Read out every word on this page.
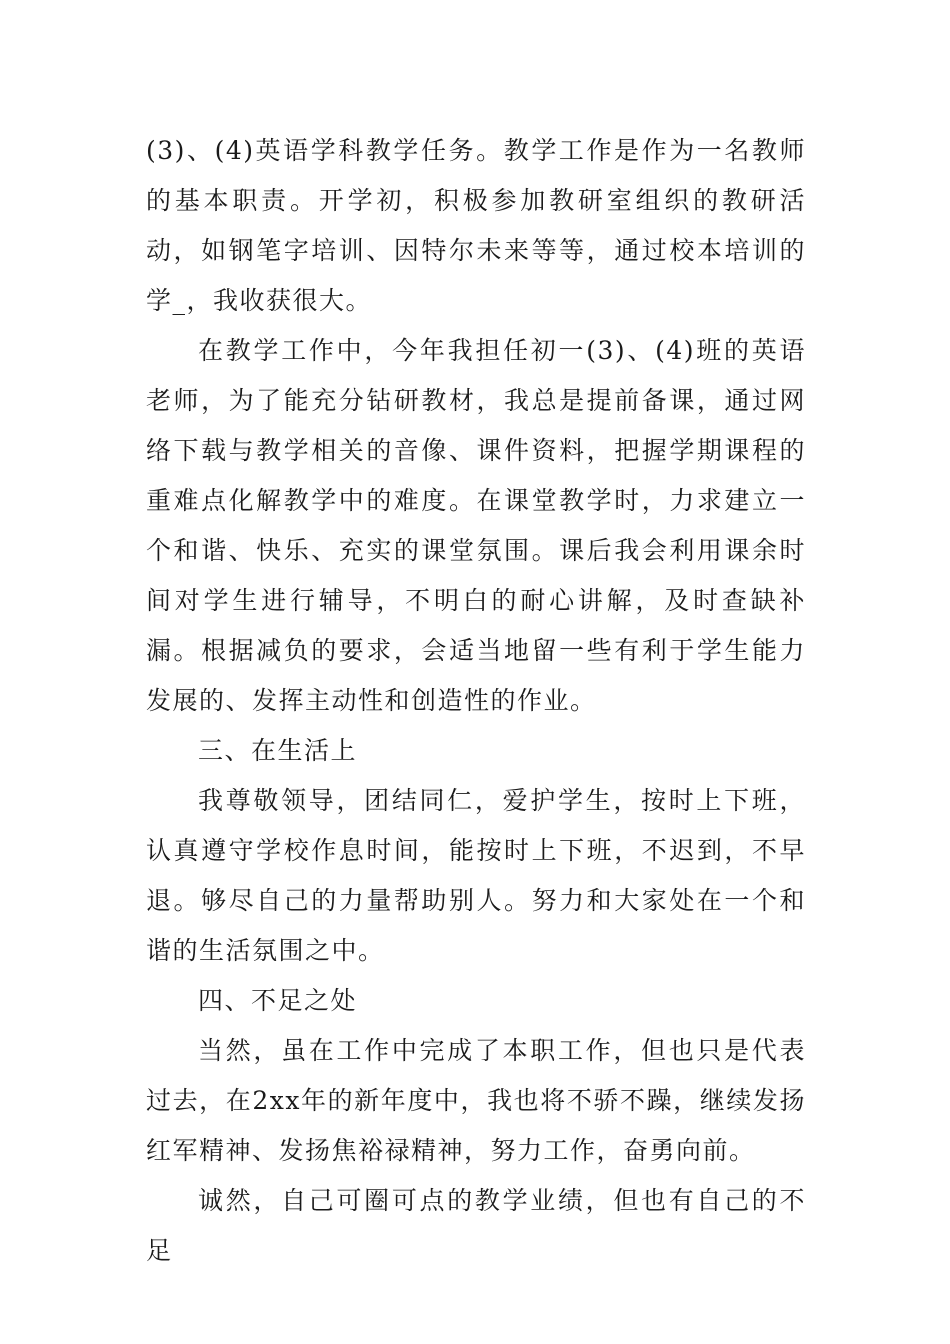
(3)、(4)英语学科教学任务。教学工作是作为一名教师的基本职责。开学初，积极参加教研室组织的教研活动，如钢笔字培训、因特尔未来等等，通过校本培训的学_，我收获很大。

在教学工作中，今年我担任初一(3)、(4)班的英语老师，为了能充分钻研教材，我总是提前备课，通过网络下载与教学相关的音像、课件资料，把握学期课程的重难点化解教学中的难度。在课堂教学时，力求建立一个和谐、快乐、充实的课堂氛围。课后我会利用课余时间对学生进行辅导，不明白的耐心讲解，及时查缺补漏。根据减负的要求，会适当地留一些有利于学生能力发展的、发挥主动性和创造性的作业。

三、在生活上

我尊敬领导，团结同仁，爱护学生，按时上下班，认真遵守学校作息时间，能按时上下班，不迟到，不早退。够尽自己的力量帮助别人。努力和大家处在一个和谐的生活氛围之中。

四、不足之处

当然，虽在工作中完成了本职工作，但也只是代表过去，在2xx年的新年度中，我也将不骄不躁，继续发扬红军精神、发扬焦裕禄精神，努力工作，奋勇向前。

诚然，自己可圈可点的教学业绩，但也有自己的不足
